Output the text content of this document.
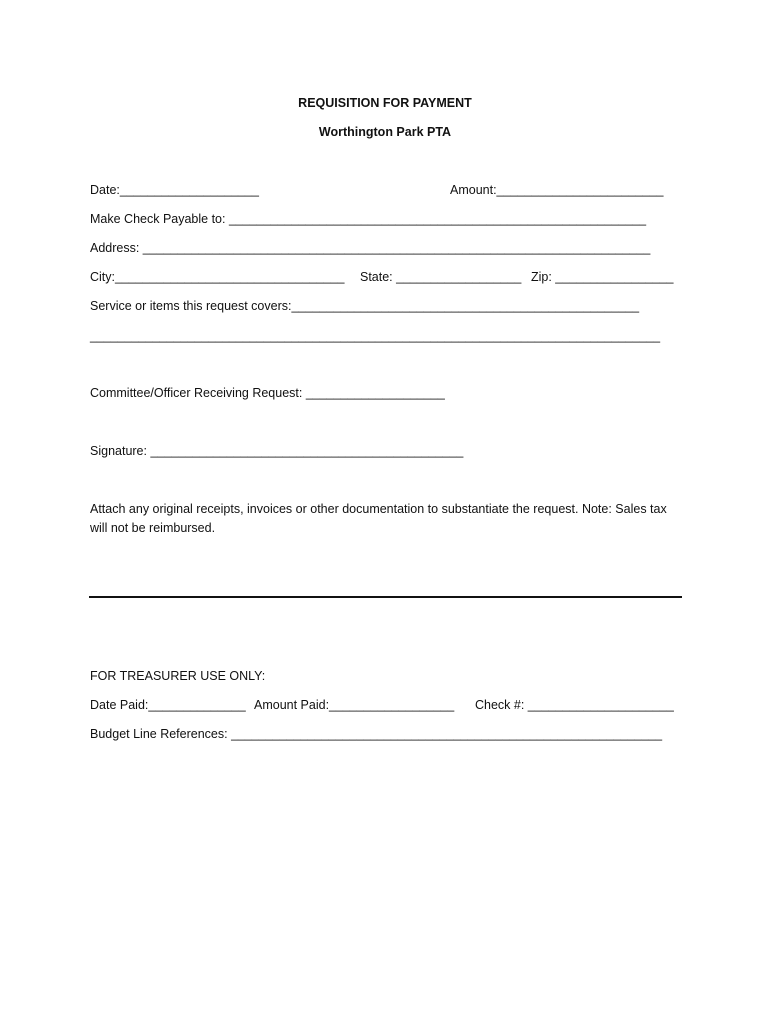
REQUISITION FOR PAYMENT
Worthington Park PTA
Date:____________________	Amount:________________________
Make Check Payable to: ____________________________________________________________
Address: _________________________________________________________________________
City:_________________________________ State: __________________ Zip: _________________
Service or items this request covers:__________________________________________________
__________________________________________________________________________________
Committee/Officer Receiving Request: ____________________
Signature: _____________________________________________
Attach any original receipts, invoices or other documentation to substantiate the request. Note: Sales tax will not be reimbursed.
FOR TREASURER USE ONLY:
Date Paid:______________ Amount Paid:__________________ Check #: _____________________
Budget Line References: ______________________________________________________________
